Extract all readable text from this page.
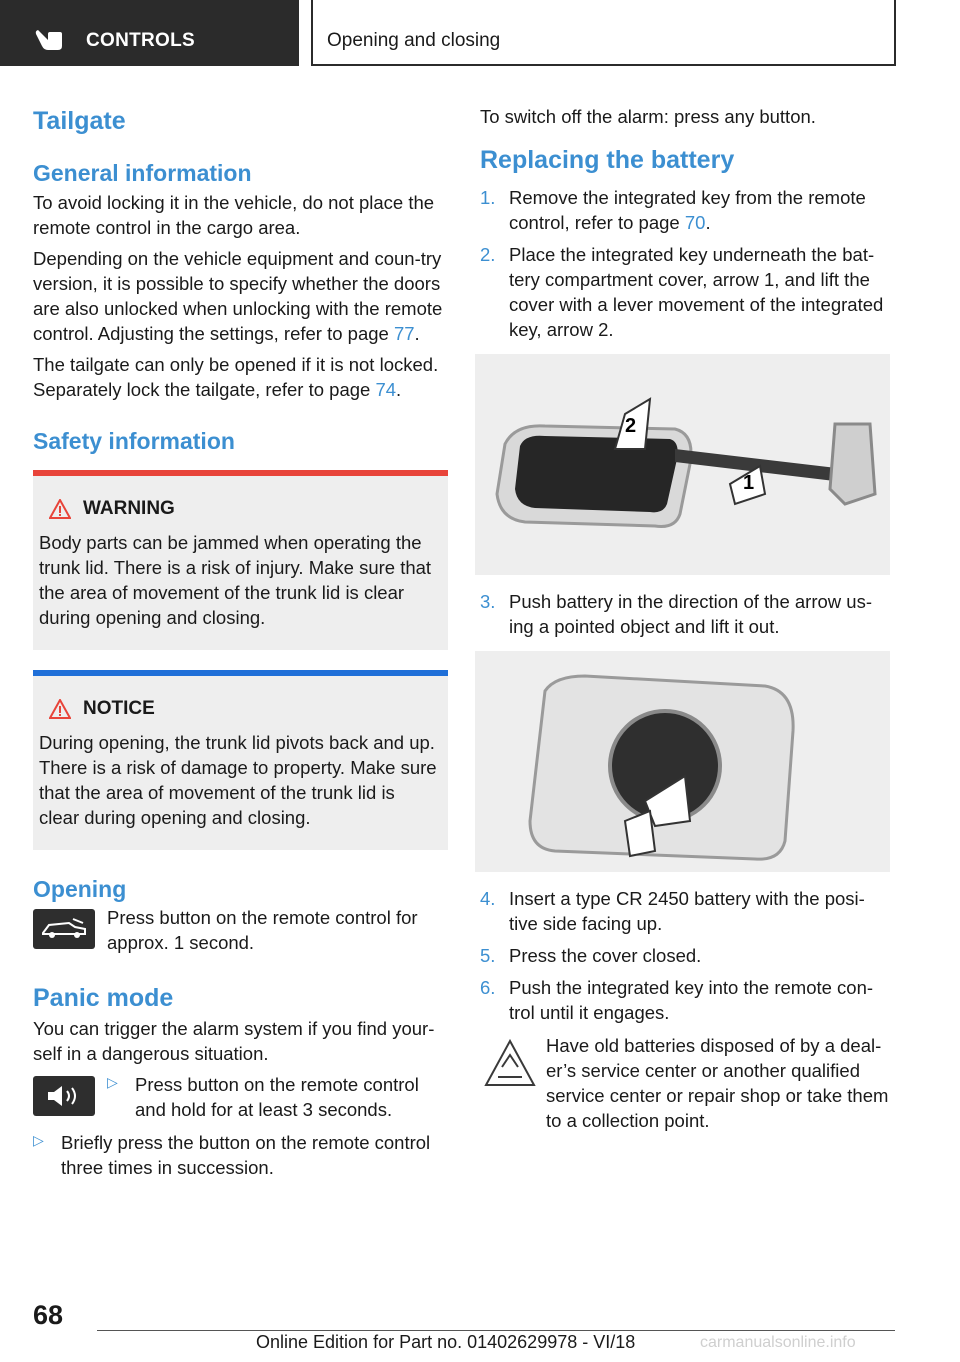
CONTROLS	Opening and closing
Tailgate
General information

To avoid locking it in the vehicle, do not place the remote control in the cargo area.

Depending on the vehicle equipment and coun-try version, it is possible to specify whether the doors are also unlocked when unlocking with the remote control. Adjusting the settings, refer to page 77.

The tailgate can only be opened if it is not locked. Separately lock the tailgate, refer to page 74.

Safety information
WARNING

Body parts can be jammed when operating the trunk lid. There is a risk of injury. Make sure that the area of movement of the trunk lid is clear during opening and closing.

NOTICE

During opening, the trunk lid pivots back and up. There is a risk of damage to property. Make sure that the area of movement of the trunk lid is clear during opening and closing.

Opening

Press button on the remote control for approx. 1 second.

Panic mode

You can trigger the alarm system if you find your-self in a dangerous situation.

▷ Press button on the remote control and hold for at least 3 seconds.

▷ Briefly press the button on the remote control three times in succession.

To switch off the alarm: press any button.

Replacing the battery
1. Remove the integrated key from the remote control, refer to page 70.
2. Place the integrated key underneath the bat-tery compartment cover, arrow 1, and lift the cover with a lever movement of the integrated key, arrow 2.
2
1
3. Push battery in the direction of the arrow us-ing a pointed object and lift it out.
4. Insert a type CR 2450 battery with the posi-tive side facing up.
5. Press the cover closed.
6. Push the integrated key into the remote con-trol until it engages.

Have old batteries disposed of by a deal-er’s service center or another qualified service center or repair shop or take them to a collection point.

68
Online Edition for Part no. 01402629978 - VI/18	carmanualsonline.info
